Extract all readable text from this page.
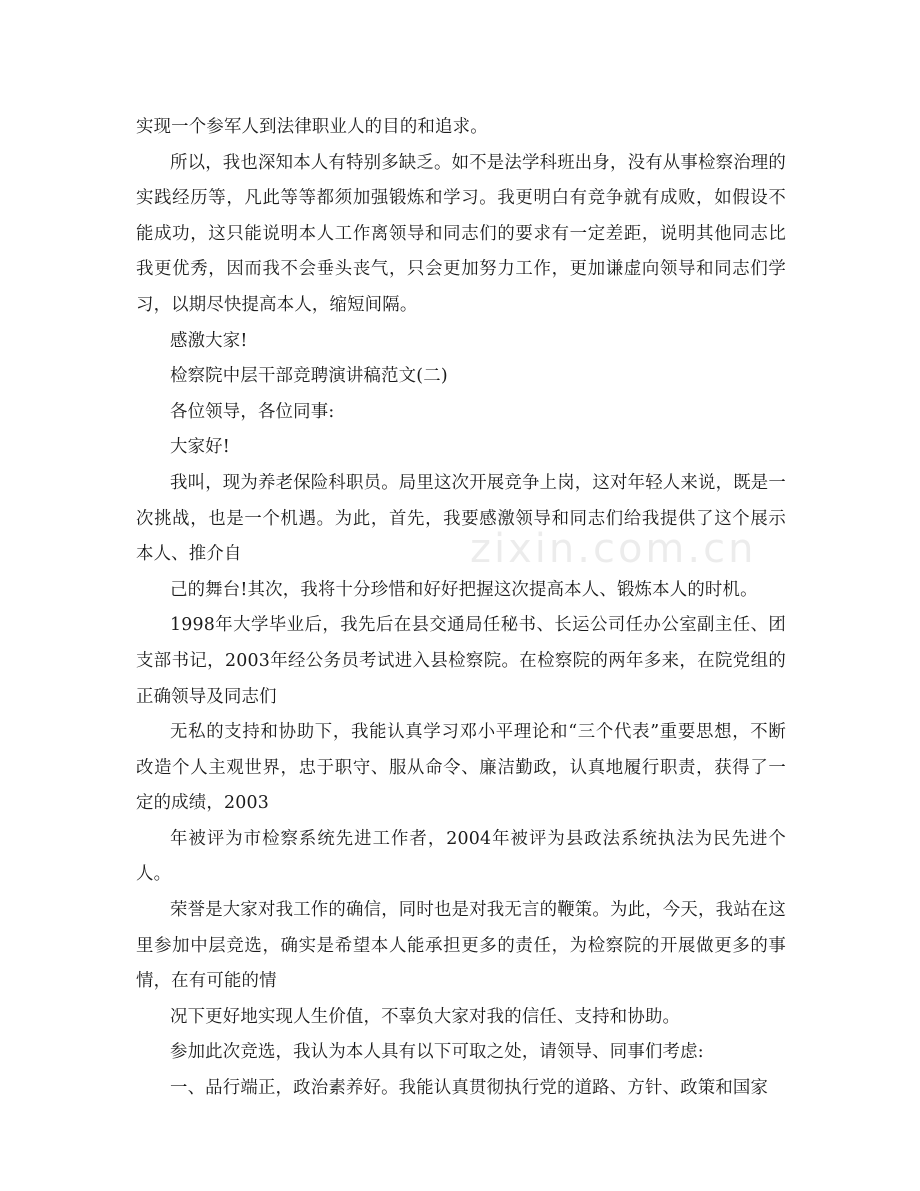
实现一个参军人到法律职业人的目的和追求。

所以，我也深知本人有特别多缺乏。如不是法学科班出身，没有从事检察治理的实践经历等，凡此等等都须加强锻炼和学习。我更明白有竞争就有成败，如假设不能成功，这只能说明本人工作离领导和同志们的要求有一定差距，说明其他同志比我更优秀，因而我不会垂头丧气，只会更加努力工作，更加谦虚向领导和同志们学习，以期尽快提高本人，缩短间隔。

感激大家!

检察院中层干部竞聘演讲稿范文(二)

各位领导，各位同事:

大家好!

我叫，现为养老保险科职员。局里这次开展竞争上岗，这对年轻人来说，既是一次挑战，也是一个机遇。为此，首先，我要感激领导和同志们给我提供了这个展示本人、推介自

己的舞台!其次，我将十分珍惜和好好把握这次提高本人、锻炼本人的时机。

1998年大学毕业后，我先后在县交通局任秘书、长运公司任办公室副主任、团支部书记，2003年经公务员考试进入县检察院。在检察院的两年多来，在院党组的正确领导及同志们

无私的支持和协助下，我能认真学习邓小平理论和“三个代表”重要思想，不断改造个人主观世界，忠于职守、服从命令、廉洁勤政，认真地履行职责，获得了一定的成绩，2003

年被评为市检察系统先进工作者，2004年被评为县政法系统执法为民先进个人。

荣誉是大家对我工作的确信，同时也是对我无言的鞭策。为此，今天，我站在这里参加中层竞选，确实是希望本人能承担更多的责任，为检察院的开展做更多的事情，在有可能的情

况下更好地实现人生价值，不辜负大家对我的信任、支持和协助。

参加此次竞选，我认为本人具有以下可取之处，请领导、同事们考虑:

一、品行端正，政治素养好。我能认真贯彻执行党的道路、方针、政策和国家

zixin.com.cn
